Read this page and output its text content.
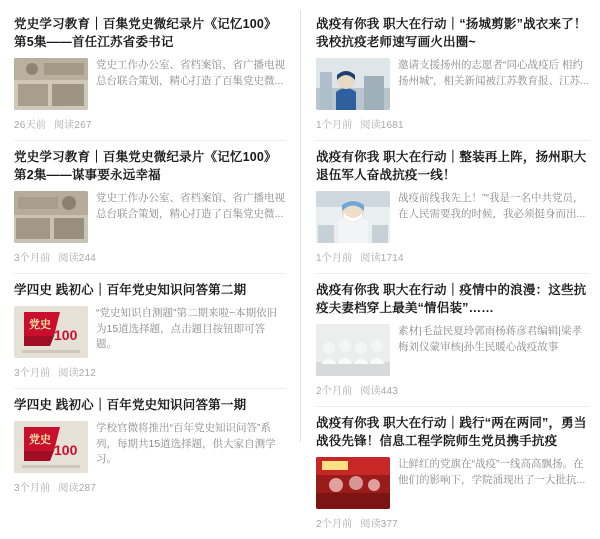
党史学习教育｜百集党史微纪录片《记忆100》第5集——首任江苏省委书记
党史工作办公室、省档案馆、省广播电视总台联合策划，精心打造了百集党史微...
26天前 阅读267
党史学习教育｜百集党史微纪录片《记忆100》第2集——谋事要永远幸福
党史工作办公室、省档案馆、省广播电视总台联合策划，精心打造了百集党史微...
3个月前 阅读244
学四史 践初心｜百年党史知识问答第二期
党史
100
“党史知识自测题”第二期来啦~本期依旧为15道选择题，点击题目按钮即可答题。
3个月前 阅读212
学四史 践初心｜百年党史知识问答第一期
党史
100
学校官微将推出“百年党史知识问答”系列，每期共15道选择题，供大家自测学习。
3个月前 阅读287
战疫有你我 职大在行动｜“扬城剪影”战衣来了！我校抗疫老师速写画火出圈~
邀请支援扬州的志愿者“同心战疫后 相约扬州城”，相关新闻被江苏教育报、江苏...
1个月前 阅读1681
战疫有你我 职大在行动｜整装再上阵，扬州职大退伍军人奋战抗疫一线！
战疫前线我先上！”“我是一名中共党员，在人民需要我的时候，我必须挺身而出...
1个月前 阅读1714
战疫有你我 职大在行动｜疫情中的浪漫：这些抗疫夫妻档穿上最美“情侣装”……
素材|毛益民夏玲郭雨杨蒋彦君编辑|梁孝梅刘仪蒙审核|孙生民暖心战疫故事
2个月前 阅读443
战疫有你我 职大在行动｜践行“两在两同”，勇当战役先锋！信息工程学院师生党员携手抗疫
让鲜红的党旗在“战疫”一线高高飘扬。在他们的影响下，学院涌现出了一大批抗...
2个月前 阅读377
